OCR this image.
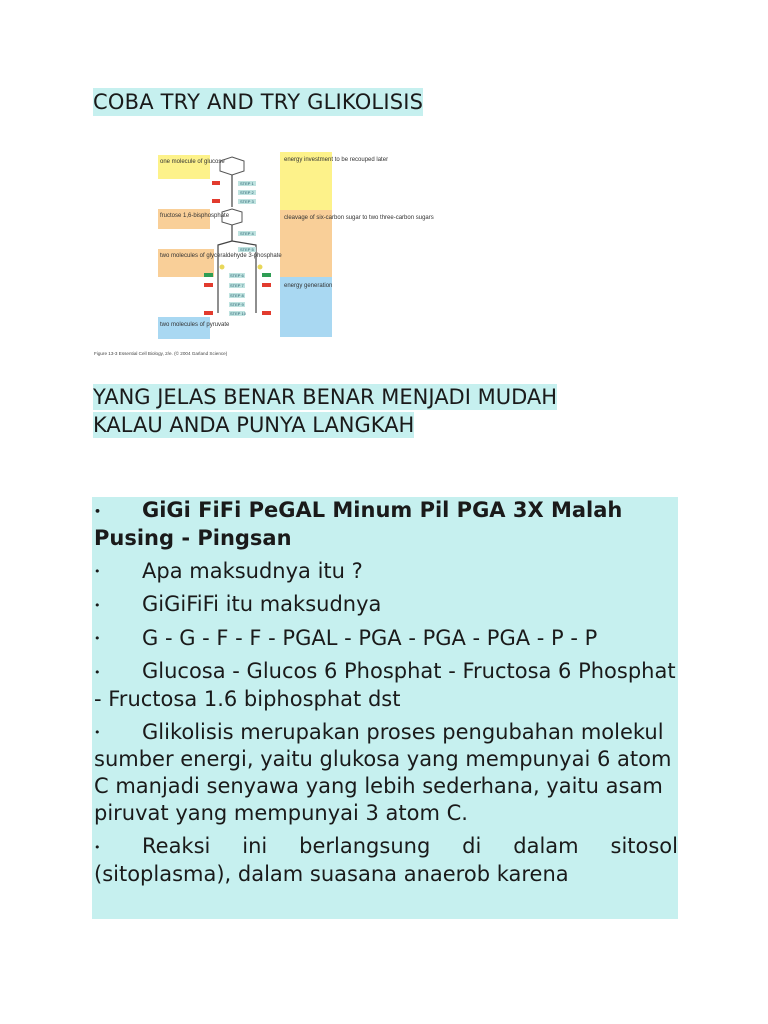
COBA TRY AND TRY GLIKOLISIS
one molecule of glucose
fructose 1,6-bisphosphate
two molecules of glyceraldehyde 3-phosphate
two molecules of pyruvate
energy investment to be recouped later
cleavage of six-carbon sugar to two three-carbon sugars
energy generation
STEP 1
STEP 2
STEP 3
STEP 4
STEP 5
STEP 6
STEP 7
STEP 8
STEP 9
STEP 10
Figure 13-3 Essential Cell Biology, 2/e. (© 2004 Garland Science)
YANG JELAS BENAR BENAR MENJADI MUDAH
KALAU ANDA PUNYA LANGKAH
• GiGi FiFi PeGAL Minum Pil PGA 3X Malah Pusing - Pingsan
• Apa maksudnya itu ?
• GiGiFiFi itu maksudnya
• G - G - F - F - PGAL - PGA - PGA - PGA - P - P
• Glucosa - Glucos 6 Phosphat - Fructosa 6 Phosphat - Fructosa 1.6 biphosphat dst
• Glikolisis merupakan proses pengubahan molekul sumber energi, yaitu glukosa yang mempunyai 6 atom C manjadi senyawa yang lebih sederhana, yaitu asam piruvat yang mempunyai 3 atom C.
• Reaksi ini berlangsung di dalam sitosol (sitoplasma), dalam suasana anaerob karena
